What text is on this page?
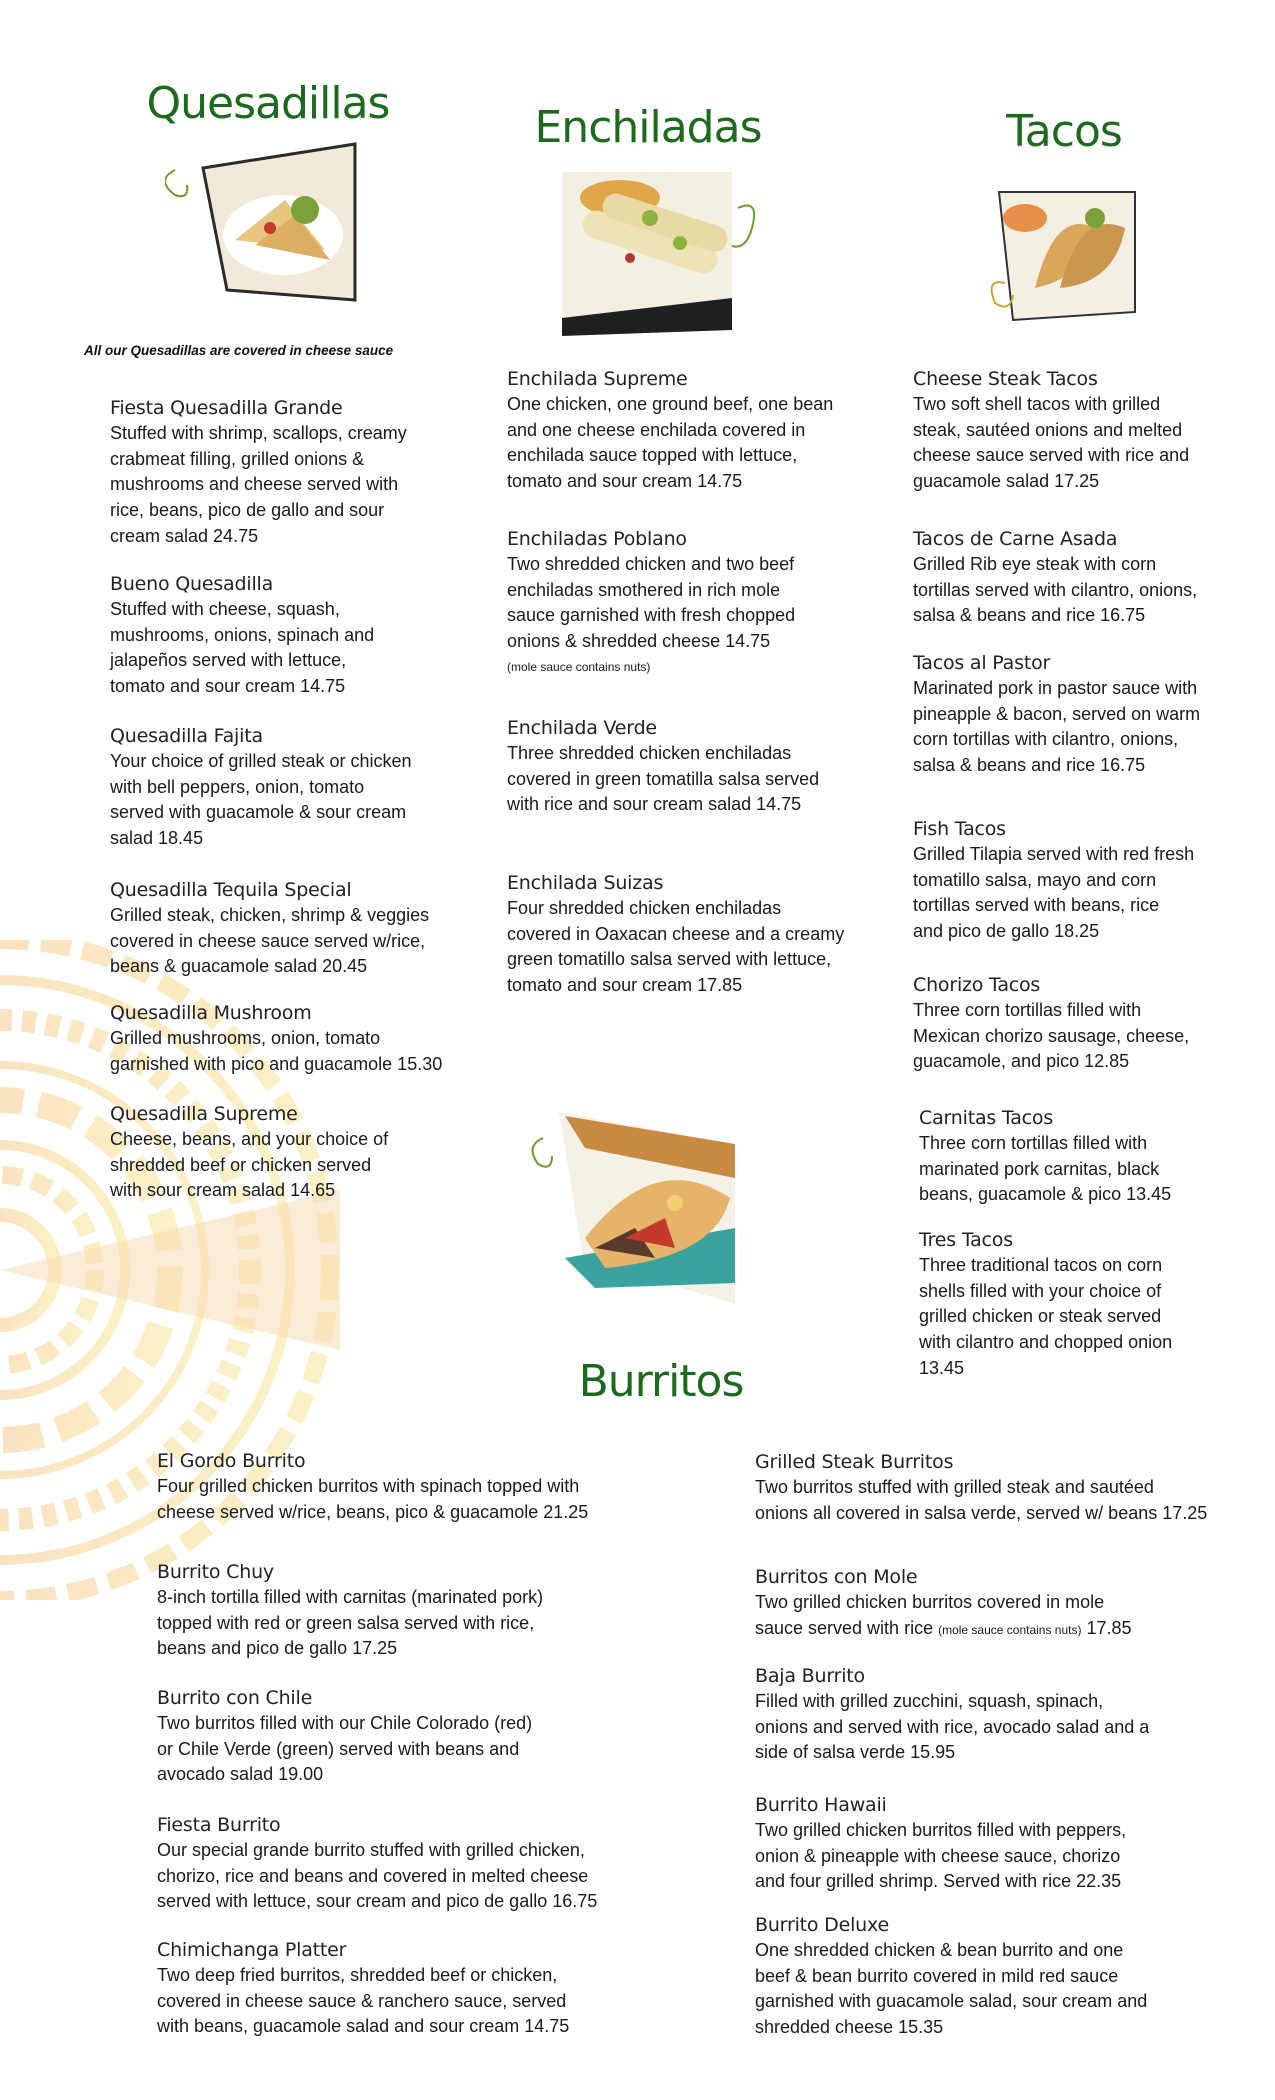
Quesadillas	Enchiladas	Tacos
Burritos
All our Quesadillas are covered in cheese sauce
Fiesta Quesadilla Grande
Stuffed with shrimp, scallops, creamy
crabmeat filling, grilled onions &
mushrooms and cheese served with
rice, beans, pico de gallo and sour
cream salad 24.75
Bueno Quesadilla
Stuffed with cheese, squash,
mushrooms, onions, spinach and
jalapeños served with lettuce,
tomato and sour cream 14.75
Quesadilla Fajita
Your choice of grilled steak or chicken
with bell peppers, onion, tomato
served with guacamole & sour cream
salad 18.45
Quesadilla Tequila Special
Grilled steak, chicken, shrimp & veggies
covered in cheese sauce served w/rice,
beans & guacamole salad 20.45
Quesadilla Mushroom
Grilled mushrooms, onion, tomato
garnished with pico and guacamole 15.30
Quesadilla Supreme
Cheese, beans, and your choice of
shredded beef or chicken served
with sour cream salad 14.65
Enchilada Supreme
One chicken, one ground beef, one bean
and one cheese enchilada covered in
enchilada sauce topped with lettuce,
tomato and sour cream 14.75
Enchiladas Poblano
Two shredded chicken and two beef
enchiladas smothered in rich mole
sauce garnished with fresh chopped
onions & shredded cheese 14.75
(mole sauce contains nuts)
Enchilada Verde
Three shredded chicken enchiladas
covered in green tomatilla salsa served
with rice and sour cream salad 14.75
Enchilada Suizas
Four shredded chicken enchiladas
covered in Oaxacan cheese and a creamy
green tomatillo salsa served with lettuce,
tomato and sour cream 17.85
Cheese Steak Tacos
Two soft shell tacos with grilled
steak, sautéed onions and melted
cheese sauce served with rice and
guacamole salad 17.25
Tacos de Carne Asada
Grilled Rib eye steak with corn
tortillas served with cilantro, onions,
salsa & beans and rice 16.75
Tacos al Pastor
Marinated pork in pastor sauce with
pineapple & bacon, served on warm
corn tortillas with cilantro, onions,
salsa & beans and rice 16.75
Fish Tacos
Grilled Tilapia served with red fresh
tomatillo salsa, mayo and corn
tortillas served with beans, rice
and pico de gallo 18.25
Chorizo Tacos
Three corn tortillas filled with
Mexican chorizo sausage, cheese,
guacamole, and pico 12.85
Carnitas Tacos
Three corn tortillas filled with
marinated pork carnitas, black
beans, guacamole & pico 13.45
Tres Tacos
Three traditional tacos on corn
shells filled with your choice of
grilled chicken or steak served
with cilantro and chopped onion
13.45
El Gordo Burrito
Four grilled chicken burritos with spinach topped with
cheese served w/rice, beans, pico & guacamole 21.25
Burrito Chuy
8-inch tortilla filled with carnitas (marinated pork)
topped with red or green salsa served with rice,
beans and pico de gallo 17.25
Burrito con Chile
Two burritos filled with our Chile Colorado (red)
or Chile Verde (green) served with beans and
avocado salad 19.00
Fiesta Burrito
Our special grande burrito stuffed with grilled chicken,
chorizo, rice and beans and covered in melted cheese
served with lettuce, sour cream and pico de gallo 16.75
Chimichanga Platter
Two deep fried burritos, shredded beef or chicken,
covered in cheese sauce & ranchero sauce, served
with beans, guacamole salad and sour cream 14.75
Grilled Steak Burritos
Two burritos stuffed with grilled steak and sautéed
onions all covered in salsa verde, served w/ beans 17.25
Burritos con Mole
Two grilled chicken burritos covered in mole
sauce served with rice (mole sauce contains nuts) 17.85
Baja Burrito
Filled with grilled zucchini, squash, spinach,
onions and served with rice, avocado salad and a
side of salsa verde 15.95
Burrito Hawaii
Two grilled chicken burritos filled with peppers,
onion & pineapple with cheese sauce, chorizo
and four grilled shrimp. Served with rice 22.35
Burrito Deluxe
One shredded chicken & bean burrito and one
beef & bean burrito covered in mild red sauce
garnished with guacamole salad, sour cream and
shredded cheese 15.35
